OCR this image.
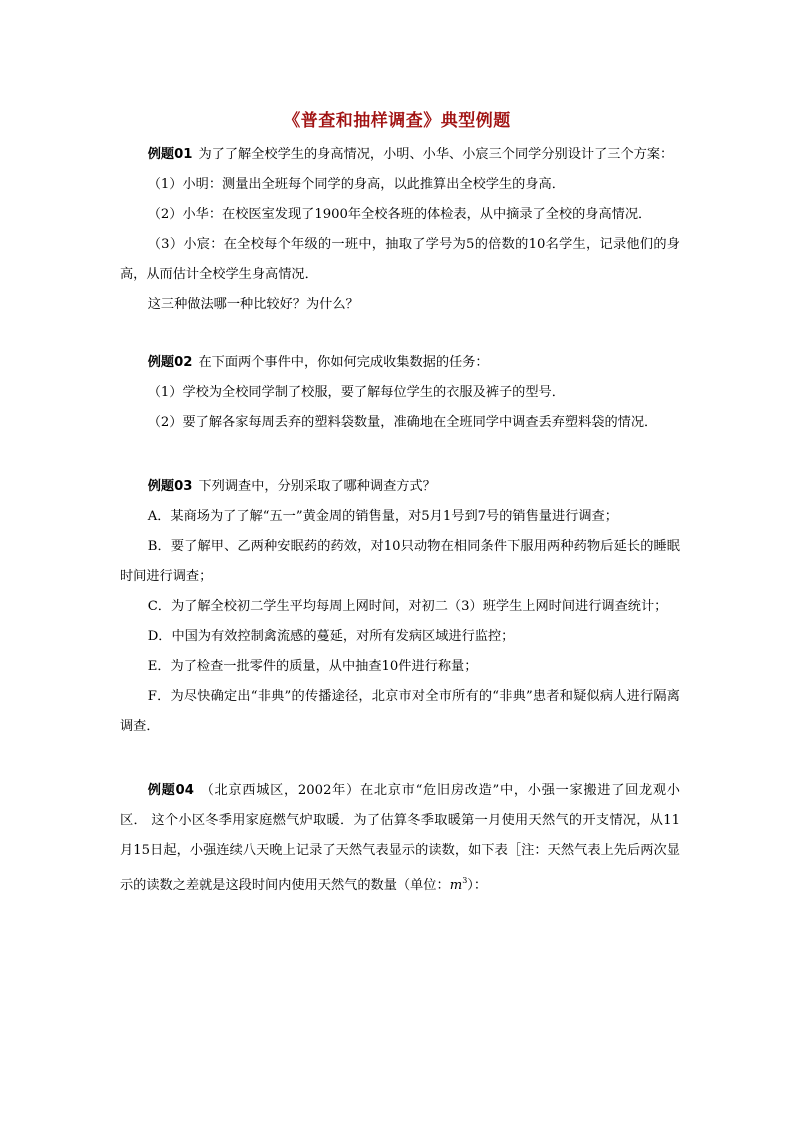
《普查和抽样调查》典型例题

例题01 为了了解全校学生的身高情况，小明、小华、小宸三个同学分别设计了三个方案：

（1）小明：测量出全班每个同学的身高，以此推算出全校学生的身高．

（2）小华：在校医室发现了1900年全校各班的体检表，从中摘录了全校的身高情况．

（3）小宸：在全校每个年级的一班中，抽取了学号为5的倍数的10名学生，记录他们的身高，从而估计全校学生身高情况．

这三种做法哪一种比较好？为什么？

例题02 在下面两个事件中，你如何完成收集数据的任务：

（1）学校为全校同学制了校服，要了解每位学生的衣服及裤子的型号．

（2）要了解各家每周丢弃的塑料袋数量，准确地在全班同学中调查丢弃塑料袋的情况．

例题03 下列调查中，分别采取了哪种调查方式？

A．某商场为了了解“五一”黄金周的销售量，对5月1号到7号的销售量进行调查；

B．要了解甲、乙两种安眠药的药效，对10只动物在相同条件下服用两种药物后延长的睡眠时间进行调查；

C．为了解全校初二学生平均每周上网时间，对初二（3）班学生上网时间进行调查统计；

D．中国为有效控制禽流感的蔓延，对所有发病区域进行监控；

E．为了检查一批零件的质量，从中抽查10件进行称量；

F．为尽快确定出“非典”的传播途径，北京市对全市所有的“非典”患者和疑似病人进行隔离调查．

例题04 （北京西城区，2002年）在北京市“危旧房改造”中，小强一家搬进了回龙观小区． 这个小区冬季用家庭燃气炉取暖．为了估算冬季取暖第一月使用天然气的开支情况，从11月15日起，小强连续八天晚上记录了天然气表显示的读数，如下表［注：天然气表上先后两次显示的读数之差就是这段时间内使用天然气的数量（单位：$m^3$）：
